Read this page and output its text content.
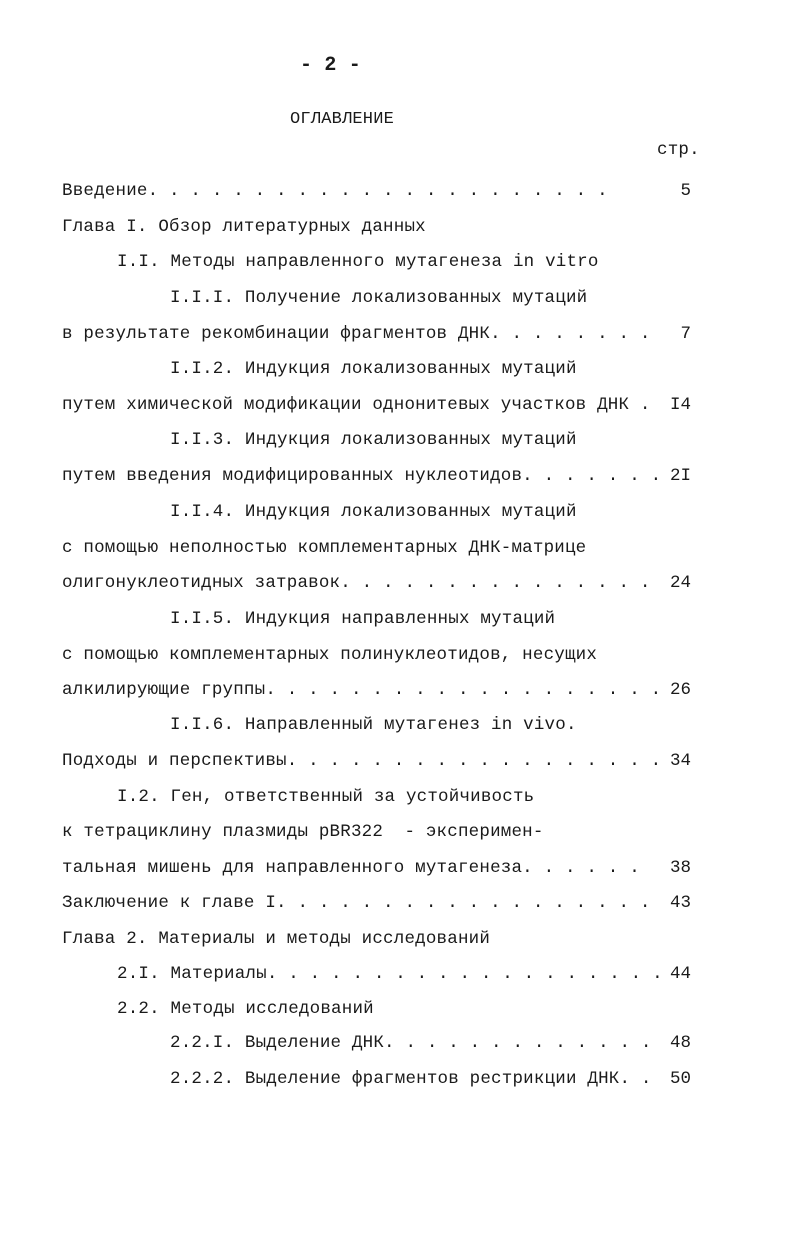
- 2 -
ОГЛАВЛЕНИЕ
стр.
Введение. . . . . . . . . . . . . . . . . . . . . .	5
Глава I. Обзор литературных данных
I.I. Методы направленного мутагенеза in vitro
I.I.I. Получение локализованных мутаций
в результате рекомбинации фрагментов ДНК. . . . . . . . 7
I.I.2. Индукция локализованных мутаций
путем химической модификации однонитевых участков ДНК . I4
I.I.3. Индукция локализованных мутаций
путем введения модифицированных нуклеотидов. . . . . . . 2I
I.I.4. Индукция локализованных мутаций
с помощью неполностью комплементарных ДНК-матрице
олигонуклеотидных затравок. . . . . . . . . . . . . . . 24
I.I.5. Индукция направленных мутаций
с помощью комплементарных полинуклеотидов, несущих
алкилирующие группы. . . . . . . . . . . . . . . . . . . 26
I.I.6. Направленный мутагенез in vivo.
Подходы и перспективы. . . . . . . . . . . . . . . . . . 34
I.2. Ген, ответственный за устойчивость
к тетрациклину плазмиды pBR322  - эксперимен-
тальная мишень для направленного мутагенеза. . . . . . 38
Заключение к главе I. . . . . . . . . . . . . . . . . . 43
Глава 2. Материалы и методы исследований
2.I. Материалы. . . . . . . . . . . . . . . . . . . 44
2.2. Методы исследований
2.2.I. Выделение ДНК. . . . . . . . . . . . . 48
2.2.2. Выделение фрагментов рестрикции ДНК. . 50
